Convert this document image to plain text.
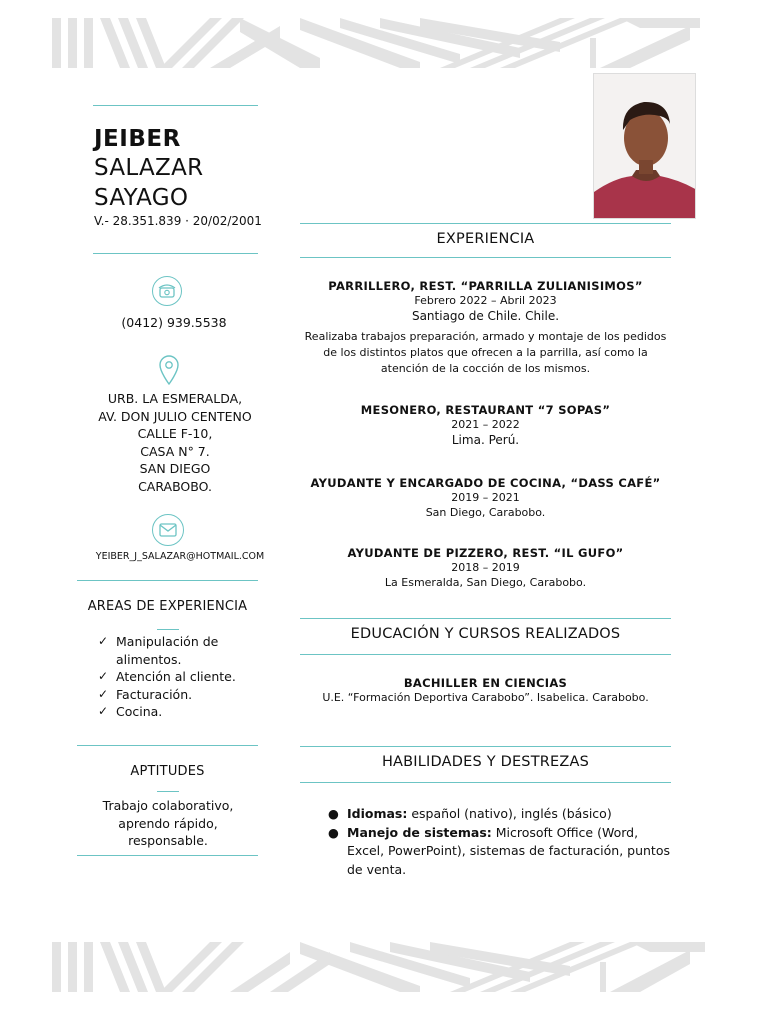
JEIBER
SALAZAR
SAYAGO
V.- 28.351.839 · 20/02/2001
(0412) 939.5538
URB. LA ESMERALDA,
AV. DON JULIO CENTENO
CALLE F-10,
CASA N° 7.
SAN DIEGO
CARABOBO.
YEIBER_J_SALAZAR@HOTMAIL.COM
AREAS DE EXPERIENCIA
✓ Manipulación de alimentos.
✓ Atención al cliente.
✓ Facturación.
✓ Cocina.
APTITUDES
Trabajo colaborativo, aprendo rápido, responsable.
EXPERIENCIA
PARRILLERO, REST. “PARRILLA ZULIANISIMOS”
Febrero 2022 – Abril 2023
Santiago de Chile. Chile.
Realizaba trabajos preparación, armado y montaje de los pedidos de los distintos platos que ofrecen a la parrilla, así como la atención de la cocción de los mismos.
MESONERO, RESTAURANT “7 SOPAS”
2021 – 2022
Lima. Perú.
AYUDANTE Y ENCARGADO DE COCINA, “DASS CAFÉ”
2019 – 2021
San Diego, Carabobo.
AYUDANTE DE PIZZERO, REST. “IL GUFO”
2018 – 2019
La Esmeralda, San Diego, Carabobo.
EDUCACIÓN Y CURSOS REALIZADOS
BACHILLER EN CIENCIAS
U.E. “Formación Deportiva Carabobo”. Isabelica. Carabobo.
HABILIDADES Y DESTREZAS
● Idiomas: español (nativo), inglés (básico)
● Manejo de sistemas: Microsoft Office (Word, Excel, PowerPoint), sistemas de facturación, puntos de venta.
